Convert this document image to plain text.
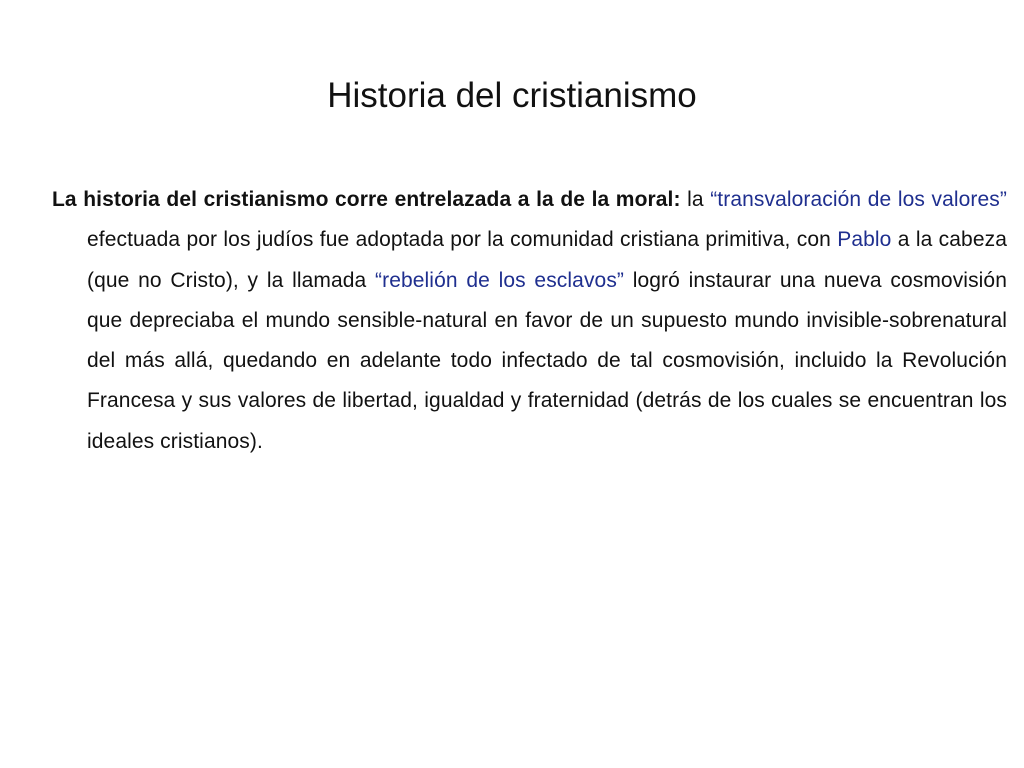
Historia del cristianismo

La historia del cristianismo corre entrelazada a la de la moral: la “transvaloración de los valores” efectuada por los judíos fue adoptada por la comunidad cristiana primitiva, con Pablo a la cabeza (que no Cristo), y la llamada “rebelión de los esclavos” logró instaurar una nueva cosmovisión que depreciaba el mundo sensible-natural en favor de un supuesto mundo invisible-sobrenatural del más allá, quedando en adelante todo infectado de tal cosmovisión, incluido la Revolución Francesa y sus valores de libertad, igualdad y fraternidad (detrás de los cuales se encuentran los ideales cristianos).
